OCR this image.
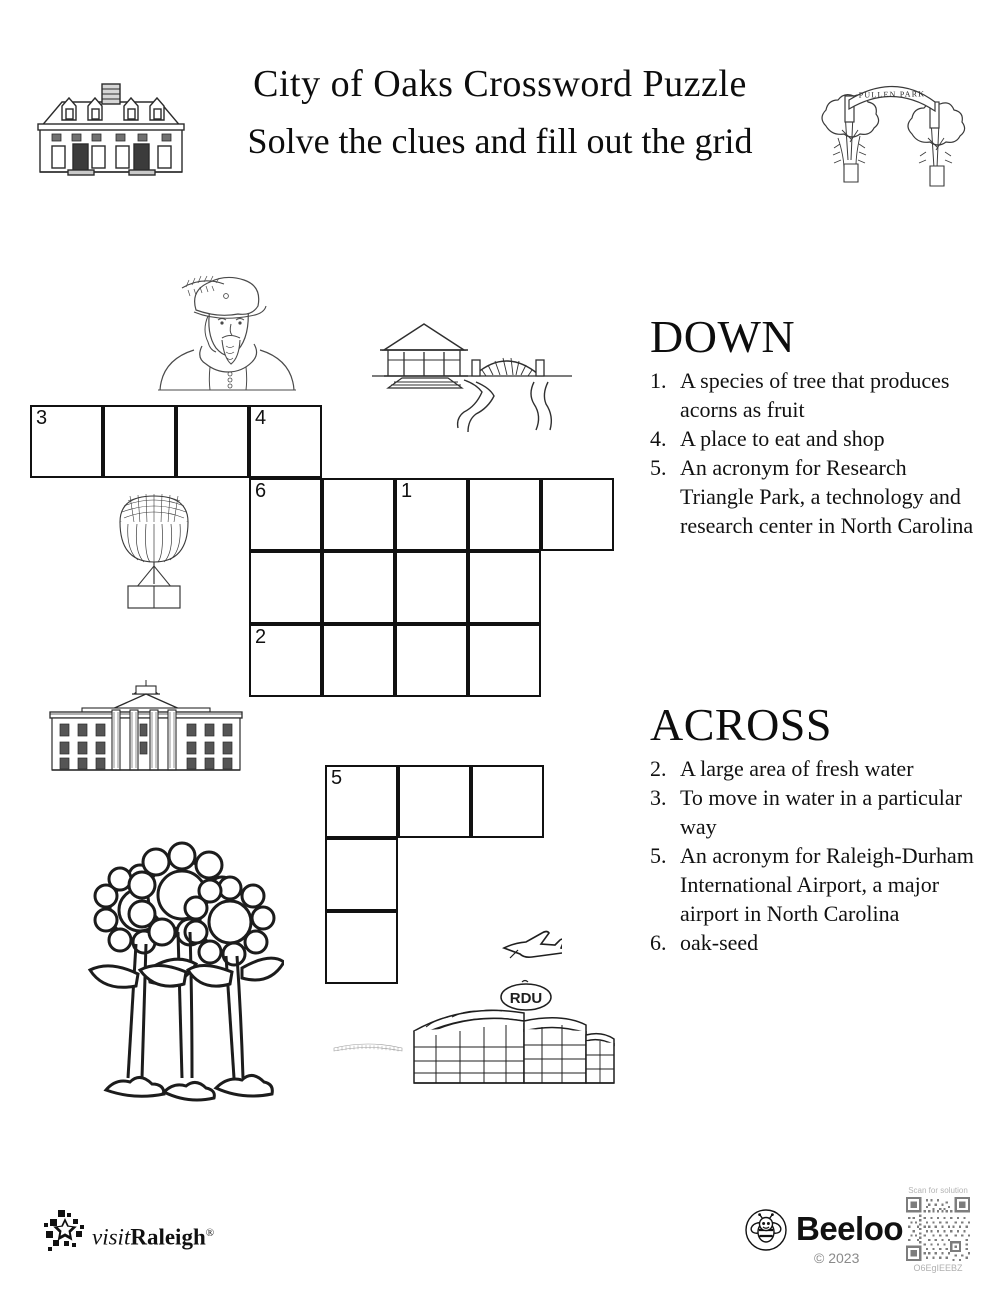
City of Oaks Crossword Puzzle
Solve the clues and fill out the grid
PULLEN PARK
RDU
3	4
6	1
2
5
DOWN
1. A species of tree that produces acorns as fruit
4. A place to eat and shop
5. An acronym for Research Triangle Park, a technology and research center in North Carolina
ACROSS
2. A large area of fresh water
3. To move in water in a particular way
5. An acronym for Raleigh-Durham International Airport, a major airport in North Carolina
6. oak-seed
visitRaleigh®	Beeloo
© 2023
Scan for solution
O6EgIEEBZ
